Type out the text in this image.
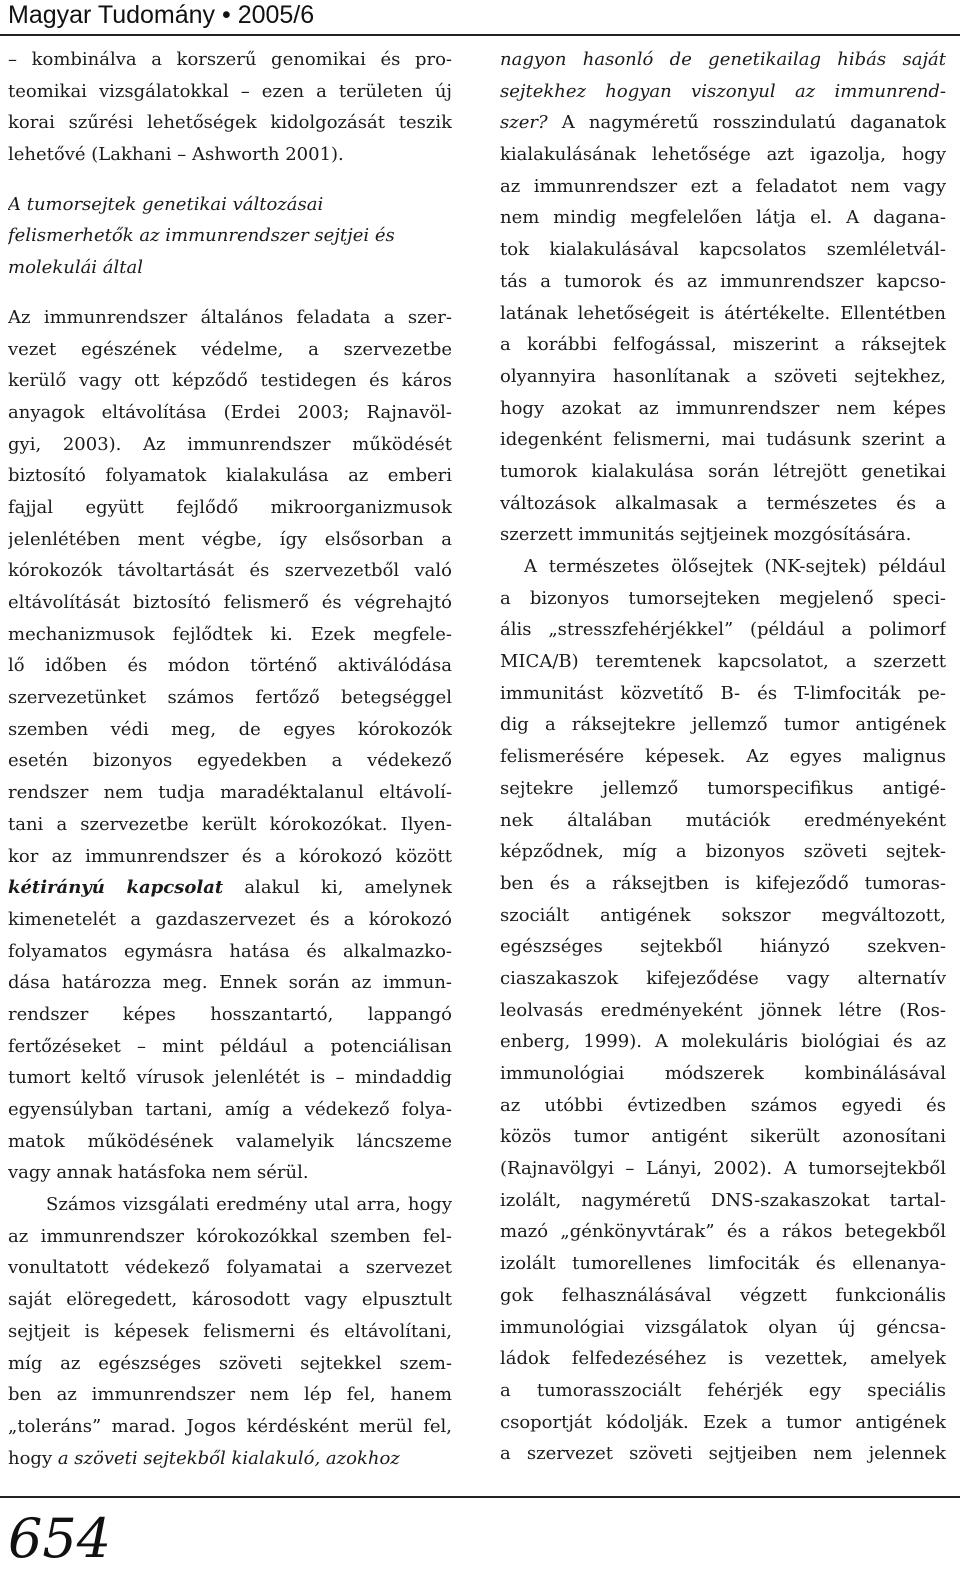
Magyar Tudomány • 2005/6
– kombinálva a korszerű genomikai és pro-
teomikai vizsgálatokkal – ezen a területen új
korai szűrési lehetőségek kidolgozását teszik
lehetővé (Lakhani – Ashworth 2001).
A tumorsejtek genetikai változásai
felismerhetők az immunrendszer sejtjei és
molekulái által
Az immunrendszer általános feladata a szer-
vezet egészének védelme, a szervezetbe
kerülő vagy ott képződő testidegen és káros
anyagok eltávolítása (Erdei 2003; Rajnavöl-
gyi, 2003). Az immunrendszer működését
biztosító folyamatok kialakulása az emberi
fajjal együtt fejlődő mikroorganizmusok
jelenlétében ment végbe, így elsősorban a
kórokozók távoltartását és szervezetből való
eltávolítását biztosító felismerő és végrehajtó
mechanizmusok fejlődtek ki. Ezek megfele-
lő időben és módon történő aktiválódása
szervezetünket számos fertőző betegséggel
szemben védi meg, de egyes kórokozók
esetén bizonyos egyedekben a védekező
rendszer nem tudja maradéktalanul eltávolí-
tani a szervezetbe került kórokozókat. Ilyen-
kor az immunrendszer és a kórokozó között
kétirányú kapcsolat alakul ki, amelynek
kimenetelét a gazdaszervezet és a kórokozó
folyamatos egymásra hatása és alkalmazko-
dása határozza meg. Ennek során az immun-
rendszer képes hosszantartó, lappangó
fertőzéseket – mint például a potenciálisan
tumort keltő vírusok jelenlétét is – mindaddig
egyensúlyban tartani, amíg a védekező folya-
matok működésének valamelyik láncszeme
vagy annak hatásfoka nem sérül.
Számos vizsgálati eredmény utal arra, hogy
az immunrendszer kórokozókkal szemben fel-
vonultatott védekező folyamatai a szervezet
saját elöregedett, károsodott vagy elpusztult
sejtjeit is képesek felismerni és eltávolítani,
míg az egészséges szöveti sejtekkel szem-
ben az immunrendszer nem lép fel, hanem
„toleráns” marad. Jogos kérdésként merül fel,
hogy a szöveti sejtekből kialakuló, azokhoz
nagyon hasonló de genetikailag hibás saját
sejtekhez hogyan viszonyul az immunrend-
szer? A nagyméretű rosszindulatú daganatok
kialakulásának lehetősége azt igazolja, hogy
az immunrendszer ezt a feladatot nem vagy
nem mindig megfelelően látja el. A dagana-
tok kialakulásával kapcsolatos szemléletvál-
tás a tumorok és az immunrendszer kapcso-
latának lehetőségeit is átértékelte. Ellentétben
a korábbi felfogással, miszerint a ráksejtek
olyannyira hasonlítanak a szöveti sejtekhez,
hogy azokat az immunrendszer nem képes
idegenként felismerni, mai tudásunk szerint a
tumorok kialakulása során létrejött genetikai
változások alkalmasak a természetes és a
szerzett immunitás sejtjeinek mozgósítására.
A természetes ölősejtek (NK-sejtek) például
a bizonyos tumorsejteken megjelenő speci-
ális „stresszfehérjékkel” (például a polimorf
MICA/B) teremtenek kapcsolatot, a szerzett
immunitást közvetítő B- és T-limfociták pe-
dig a ráksejtekre jellemző tumor antigének
felismerésére képesek. Az egyes malignus
sejtekre jellemző tumorspecifikus antigé-
nek általában mutációk eredményeként
képződnek, míg a bizonyos szöveti sejtek-
ben és a ráksejtben is kifejeződő tumoras-
szociált antigének sokszor megváltozott,
egészséges sejtekből hiányzó szekven-
ciaszakaszok kifejeződése vagy alternatív
leolvasás eredményeként jönnek létre (Ros-
enberg, 1999). A molekuláris biológiai és az
immunológiai módszerek kombinálásával
az utóbbi évtizedben számos egyedi és
közös tumor antigént sikerült azonosítani
(Rajnavölgyi – Lányi, 2002). A tumorsejtekből
izolált, nagyméretű DNS-szakaszokat tartal-
mazó „génkönyvtárak” és a rákos betegekből
izolált tumorellenes limfociták és ellenanya-
gok felhasználásával végzett funkcionális
immunológiai vizsgálatok olyan új géncsa-
ládok felfedezéséhez is vezettek, amelyek
a tumorasszociált fehérjék egy speciális
csoportját kódolják. Ezek a tumor antigének
a szervezet szöveti sejtjeiben nem jelennek
654
